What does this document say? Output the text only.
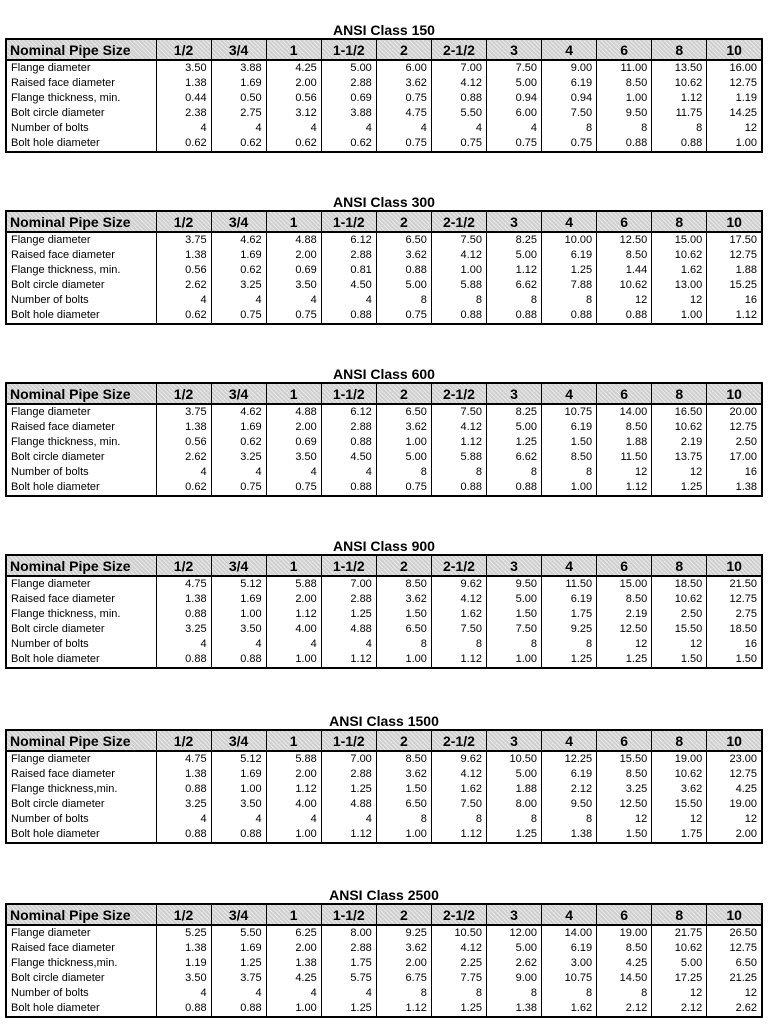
ANSI Class 150
Nominal Pipe Size	1/2	3/4	1	1-1/2	2	2-1/2	3	4	6	8	10
Flange diameter	3.50	3.88	4.25	5.00	6.00	7.00	7.50	9.00	11.00	13.50	16.00
Raised face diameter	1.38	1.69	2.00	2.88	3.62	4.12	5.00	6.19	8.50	10.62	12.75
Flange thickness, min.	0.44	0.50	0.56	0.69	0.75	0.88	0.94	0.94	1.00	1.12	1.19
Bolt circle diameter	2.38	2.75	3.12	3.88	4.75	5.50	6.00	7.50	9.50	11.75	14.25
Number of bolts	4	4	4	4	4	4	4	8	8	8	12
Bolt hole diameter	0.62	0.62	0.62	0.62	0.75	0.75	0.75	0.75	0.88	0.88	1.00
ANSI Class 300
Nominal Pipe Size	1/2	3/4	1	1-1/2	2	2-1/2	3	4	6	8	10
Flange diameter	3.75	4.62	4.88	6.12	6.50	7.50	8.25	10.00	12.50	15.00	17.50
Raised face diameter	1.38	1.69	2.00	2.88	3.62	4.12	5.00	6.19	8.50	10.62	12.75
Flange thickness, min.	0.56	0.62	0.69	0.81	0.88	1.00	1.12	1.25	1.44	1.62	1.88
Bolt circle diameter	2.62	3.25	3.50	4.50	5.00	5.88	6.62	7.88	10.62	13.00	15.25
Number of bolts	4	4	4	4	8	8	8	8	12	12	16
Bolt hole diameter	0.62	0.75	0.75	0.88	0.75	0.88	0.88	0.88	0.88	1.00	1.12
ANSI Class 600
Nominal Pipe Size	1/2	3/4	1	1-1/2	2	2-1/2	3	4	6	8	10
Flange diameter	3.75	4.62	4.88	6.12	6.50	7.50	8.25	10.75	14.00	16.50	20.00
Raised face diameter	1.38	1.69	2.00	2.88	3.62	4.12	5.00	6.19	8.50	10.62	12.75
Flange thickness, min.	0.56	0.62	0.69	0.88	1.00	1.12	1.25	1.50	1.88	2.19	2.50
Bolt circle diameter	2.62	3.25	3.50	4.50	5.00	5.88	6.62	8.50	11.50	13.75	17.00
Number of bolts	4	4	4	4	8	8	8	8	12	12	16
Bolt hole diameter	0.62	0.75	0.75	0.88	0.75	0.88	0.88	1.00	1.12	1.25	1.38
ANSI Class 900
Nominal Pipe Size	1/2	3/4	1	1-1/2	2	2-1/2	3	4	6	8	10
Flange diameter	4.75	5.12	5.88	7.00	8.50	9.62	9.50	11.50	15.00	18.50	21.50
Raised face diameter	1.38	1.69	2.00	2.88	3.62	4.12	5.00	6.19	8.50	10.62	12.75
Flange thickness, min.	0.88	1.00	1.12	1.25	1.50	1.62	1.50	1.75	2.19	2.50	2.75
Bolt circle diameter	3.25	3.50	4.00	4.88	6.50	7.50	7.50	9.25	12.50	15.50	18.50
Number of bolts	4	4	4	4	8	8	8	8	12	12	16
Bolt hole diameter	0.88	0.88	1.00	1.12	1.00	1.12	1.00	1.25	1.25	1.50	1.50
ANSI Class 1500
Nominal Pipe Size	1/2	3/4	1	1-1/2	2	2-1/2	3	4	6	8	10
Flange diameter	4.75	5.12	5.88	7.00	8.50	9.62	10.50	12.25	15.50	19.00	23.00
Raised face diameter	1.38	1.69	2.00	2.88	3.62	4.12	5.00	6.19	8.50	10.62	12.75
Flange thickness,min.	0.88	1.00	1.12	1.25	1.50	1.62	1.88	2.12	3.25	3.62	4.25
Bolt circle diameter	3.25	3.50	4.00	4.88	6.50	7.50	8.00	9.50	12.50	15.50	19.00
Number of bolts	4	4	4	4	8	8	8	8	12	12	12
Bolt hole diameter	0.88	0.88	1.00	1.12	1.00	1.12	1.25	1.38	1.50	1.75	2.00
ANSI Class 2500
Nominal Pipe Size	1/2	3/4	1	1-1/2	2	2-1/2	3	4	6	8	10
Flange diameter	5.25	5.50	6.25	8.00	9.25	10.50	12.00	14.00	19.00	21.75	26.50
Raised face diameter	1.38	1.69	2.00	2.88	3.62	4.12	5.00	6.19	8.50	10.62	12.75
Flange thickness,min.	1.19	1.25	1.38	1.75	2.00	2.25	2.62	3.00	4.25	5.00	6.50
Bolt circle diameter	3.50	3.75	4.25	5.75	6.75	7.75	9.00	10.75	14.50	17.25	21.25
Number of bolts	4	4	4	4	8	8	8	8	8	12	12
Bolt hole diameter	0.88	0.88	1.00	1.25	1.12	1.25	1.38	1.62	2.12	2.12	2.62
